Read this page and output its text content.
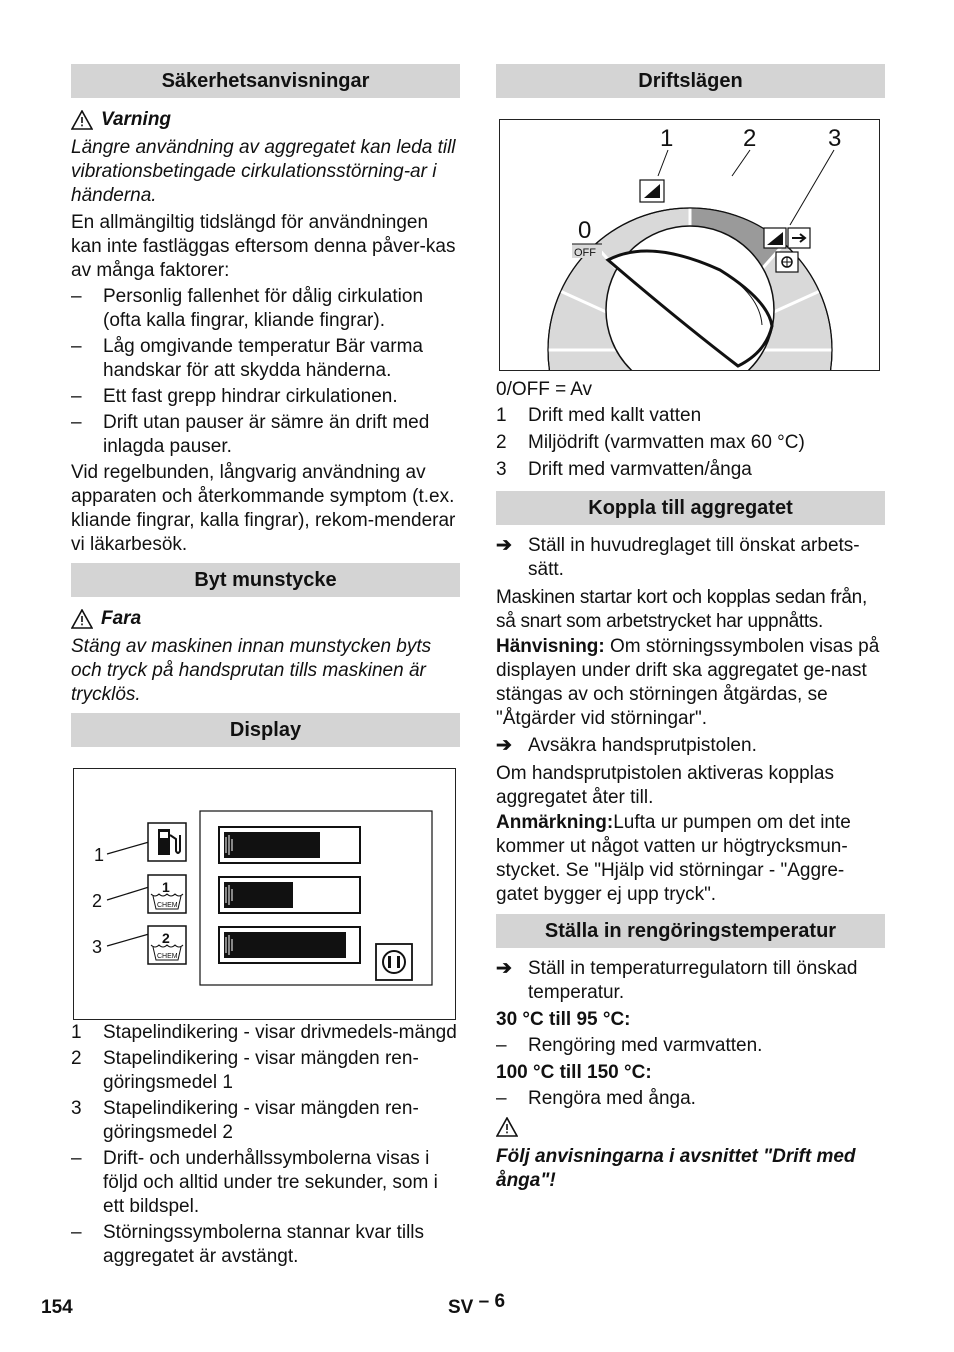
Säkerhetsanvisningar
Varning

Längre användning av aggregatet kan leda till vibrationsbetingade cirkulationsstörning-ar i händerna.

En allmängiltig tidslängd för användningen kan inte fastläggas eftersom denna påver-kas av många faktorer:

–	Personlig fallenhet för dålig cirkulation (ofta kalla fingrar, kliande fingrar).
–	Låg omgivande temperatur Bär varma handskar för att skydda händerna.
–	Ett fast grepp hindrar cirkulationen.
–	Drift utan pauser är sämre än drift med inlagda pauser.

Vid regelbunden, långvarig användning av apparaten och återkommande symptom (t.ex. kliande fingrar, kalla fingrar), rekom-menderar vi läkarbesök.

Byt munstycke
Fara

Stäng av maskinen innan munstycken byts och tryck på handsprutan tills maskinen är trycklös.

Display
1
2
3
1
CHEM
2
CHEM
1	Stapelindikering - visar drivmedels-mängd
2	Stapelindikering - visar mängden ren-göringsmedel 1
3	Stapelindikering - visar mängden ren-göringsmedel 2
–	Drift- och underhållssymbolerna visas i följd och alltid under tre sekunder, som i ett bildspel.
–	Störningssymbolerna stannar kvar tills aggregatet är avstängt.
Driftslägen
1	2	3
0
OFF
eco
0/OFF = Av
1	Drift med kallt vatten
2	Miljödrift (varmvatten max 60 °C)
3	Drift med varmvatten/ånga
Koppla till aggregatet
➔ Ställ in huvudreglaget till önskat arbets-sätt.

Maskinen startar kort och kopplas sedan från, så snart som arbetstrycket har uppnåtts.

Hänvisning: Om störningssymbolen visas på displayen under drift ska aggregatet ge-nast stängas av och störningen åtgärdas, se "Åtgärder vid störningar".

➔ Avsäkra handsprutpistolen.

Om handsprutpistolen aktiveras kopplas aggregatet åter till.

Anmärkning:Lufta ur pumpen om det inte kommer ut något vatten ur högtrycksmun-stycket. Se "Hjälp vid störningar - "Aggre-gatet bygger ej upp tryck".

Ställa in rengöringstemperatur
➔ Ställ in temperaturregulatorn till önskad temperatur.

30 °C till 95 °C:

–	Rengöring med varmvatten.

100 °C till 150 °C:

–	Rengöra med ånga.

Följ anvisningarna i avsnittet "Drift med ånga"!

154	SV – 6
